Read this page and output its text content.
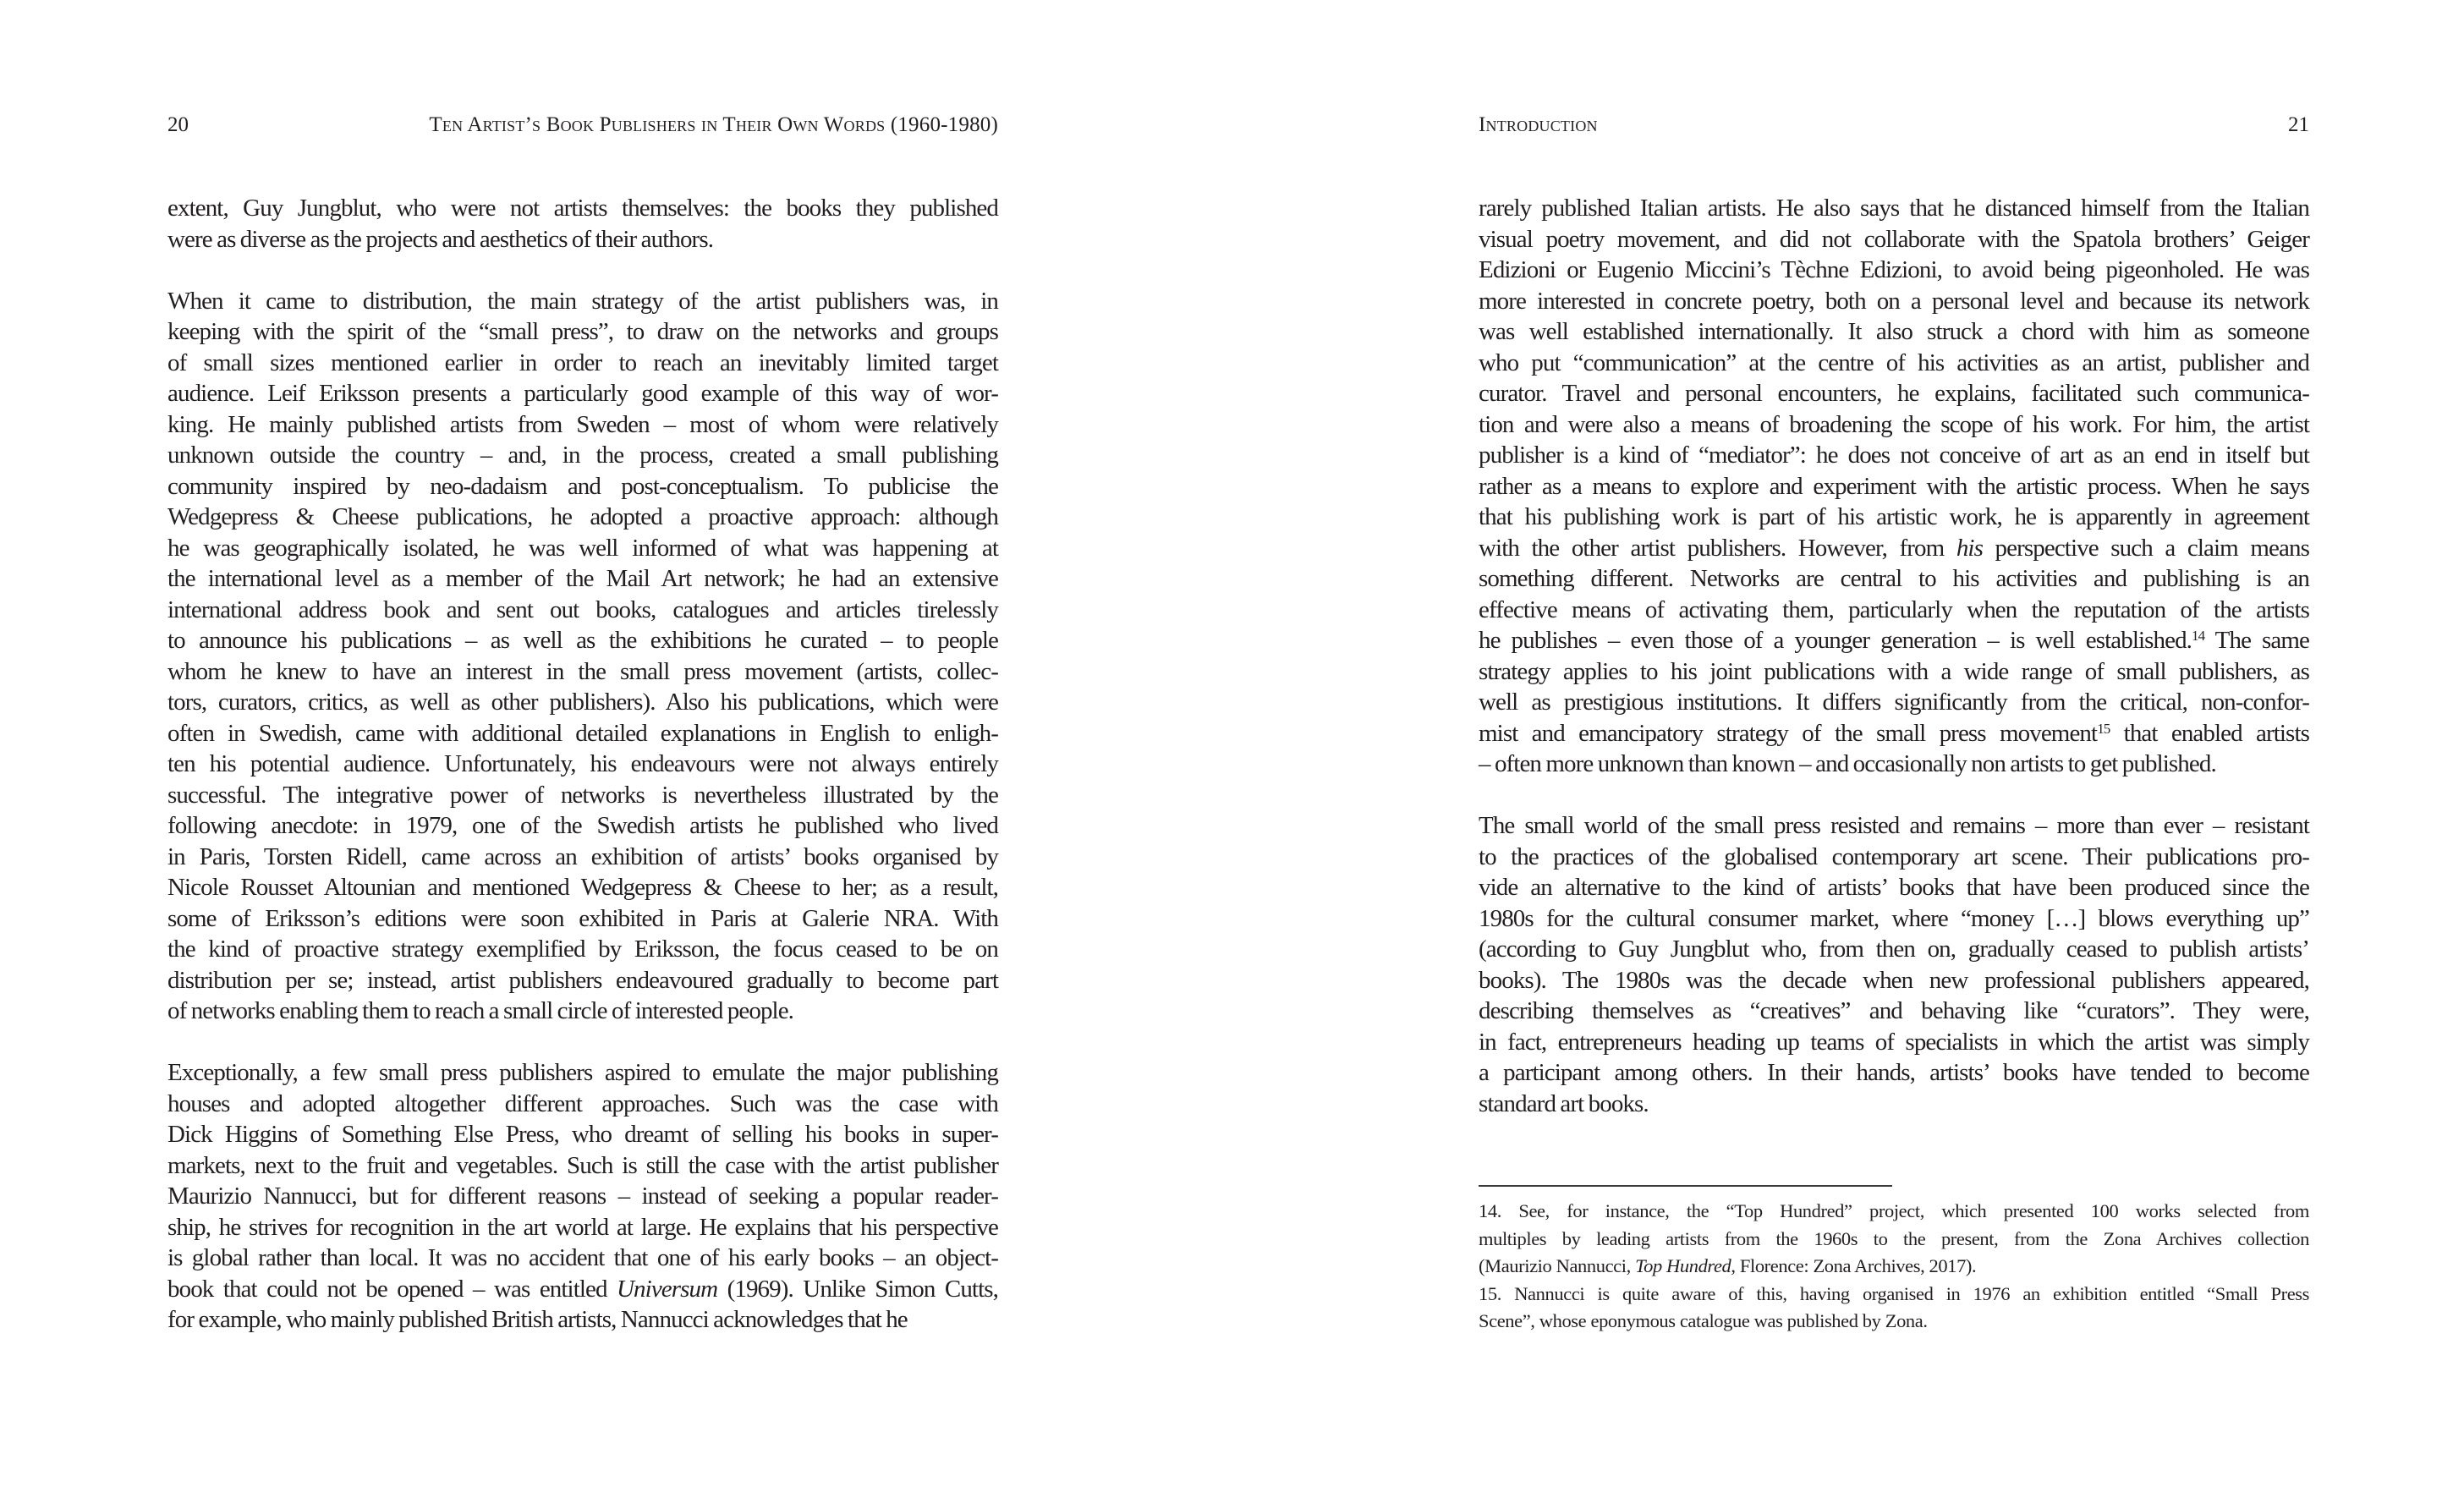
20	Ten Artist’s Book Publishers in Their Own Words (1960-1980)
extent, Guy Jungblut, who were not artists themselves: the books they published
were as diverse as the projects and aesthetics of their authors.
When it came to distribution, the main strategy of the artist publishers was, in
keeping with the spirit of the “small press”, to draw on the networks and groups
of small sizes mentioned earlier in order to reach an inevitably limited target
audience. Leif Eriksson presents a particularly good example of this way of wor-
king. He mainly published artists from Sweden – most of whom were relatively
unknown outside the country – and, in the process, created a small publishing
community inspired by neo-dadaism and post-conceptualism. To publicise the
Wedgepress & Cheese publications, he adopted a proactive approach: although
he was geographically isolated, he was well informed of what was happening at
the international level as a member of the Mail Art network; he had an extensive
international address book and sent out books, catalogues and articles tirelessly
to announce his publications – as well as the exhibitions he curated – to people
whom he knew to have an interest in the small press movement (artists, collec-
tors, curators, critics, as well as other publishers). Also his publications, which were
often in Swedish, came with additional detailed explanations in English to enligh-
ten his potential audience. Unfortunately, his endeavours were not always entirely
successful. The integrative power of networks is nevertheless illustrated by the
following anecdote: in 1979, one of the Swedish artists he published who lived
in Paris, Torsten Ridell, came across an exhibition of artists’ books organised by
Nicole Rousset Altounian and mentioned Wedgepress & Cheese to her; as a result,
some of Eriksson’s editions were soon exhibited in Paris at Galerie NRA. With
the kind of proactive strategy exemplified by Eriksson, the focus ceased to be on
distribution per se; instead, artist publishers endeavoured gradually to become part
of networks enabling them to reach a small circle of interested people.
Exceptionally, a few small press publishers aspired to emulate the major publishing
houses and adopted altogether different approaches. Such was the case with
Dick Higgins of Something Else Press, who dreamt of selling his books in super-
markets, next to the fruit and vegetables. Such is still the case with the artist publisher
Maurizio Nannucci, but for different reasons – instead of seeking a popular reader-
ship, he strives for recognition in the art world at large. He explains that his perspective
is global rather than local. It was no accident that one of his early books – an object-
book that could not be opened – was entitled Universum (1969). Unlike Simon Cutts,
for example, who mainly published British artists, Nannucci acknowledges that he
Introduction	21
rarely published Italian artists. He also says that he distanced himself from the Italian
visual poetry movement, and did not collaborate with the Spatola brothers’ Geiger
Edizioni or Eugenio Miccini’s Tèchne Edizioni, to avoid being pigeonholed. He was
more interested in concrete poetry, both on a personal level and because its network
was well established internationally. It also struck a chord with him as someone
who put “communication” at the centre of his activities as an artist, publisher and
curator. Travel and personal encounters, he explains, facilitated such communica-
tion and were also a means of broadening the scope of his work. For him, the artist
publisher is a kind of “mediator”: he does not conceive of art as an end in itself but
rather as a means to explore and experiment with the artistic process. When he says
that his publishing work is part of his artistic work, he is apparently in agreement
with the other artist publishers. However, from his perspective such a claim means
something different. Networks are central to his activities and publishing is an
effective means of activating them, particularly when the reputation of the artists
he publishes – even those of a younger generation – is well established.$^{14}$ The same
strategy applies to his joint publications with a wide range of small publishers, as
well as prestigious institutions. It differs significantly from the critical, non-confor-
mist and emancipatory strategy of the small press movement$^{15}$ that enabled artists
– often more unknown than known – and occasionally non artists to get published.
The small world of the small press resisted and remains – more than ever – resistant
to the practices of the globalised contemporary art scene. Their publications pro-
vide an alternative to the kind of artists’ books that have been produced since the
1980s for the cultural consumer market, where “money […] blows everything up”
(according to Guy Jungblut who, from then on, gradually ceased to publish artists’
books). The 1980s was the decade when new professional publishers appeared,
describing themselves as “creatives” and behaving like “curators”. They were,
in fact, entrepreneurs heading up teams of specialists in which the artist was simply
a participant among others. In their hands, artists’ books have tended to become
standard art books.
14. See, for instance, the “Top Hundred” project, which presented 100 works selected from
multiples by leading artists from the 1960s to the present, from the Zona Archives collection
(Maurizio Nannucci, Top Hundred, Florence: Zona Archives, 2017).
15. Nannucci is quite aware of this, having organised in 1976 an exhibition entitled “Small Press
Scene”, whose eponymous catalogue was published by Zona.
